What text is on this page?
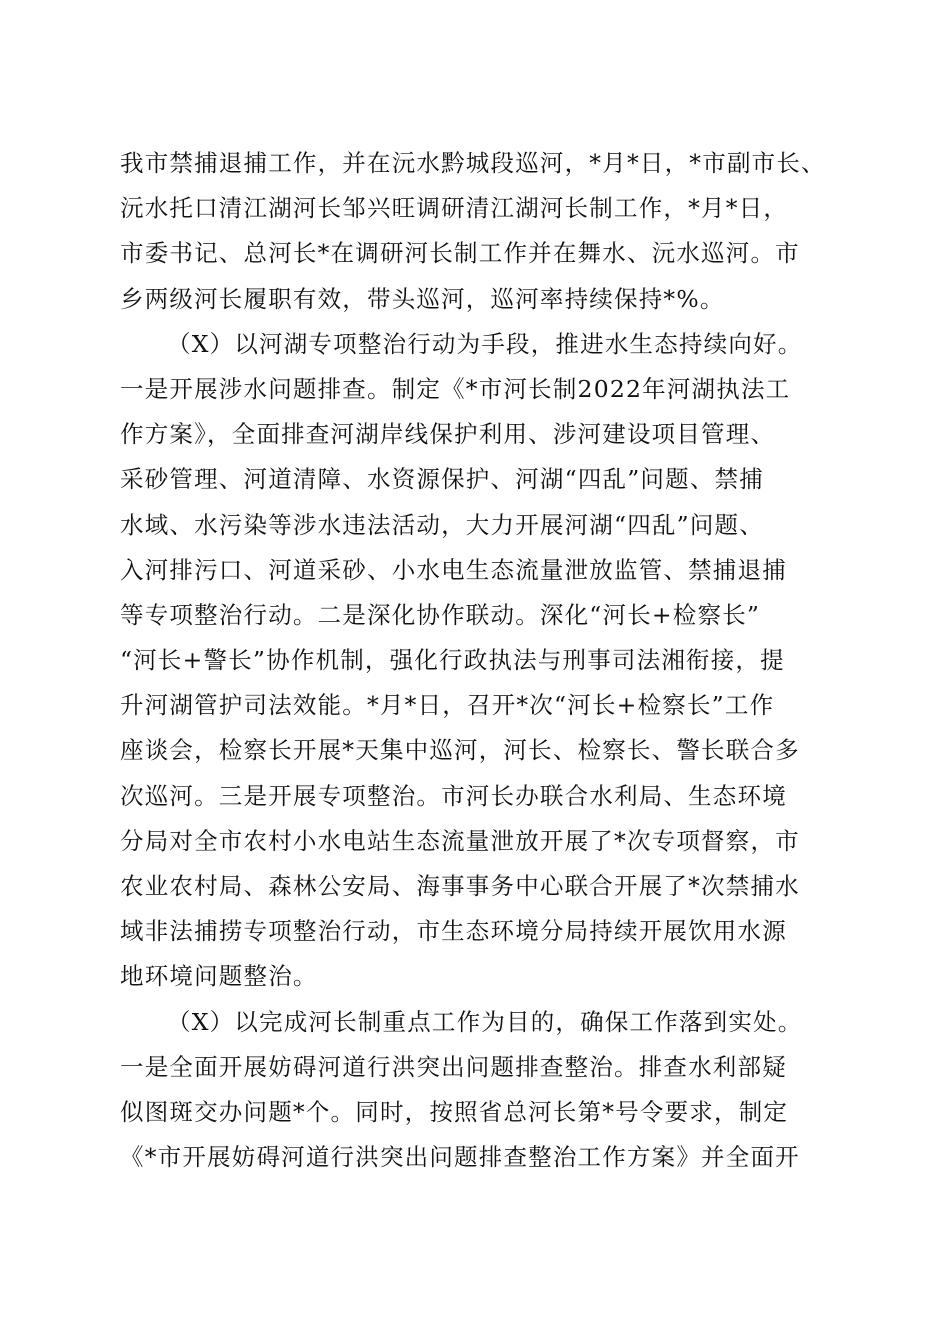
我市禁捕退捕工作，并在沅水黔城段巡河，*月*日，*市副市长、
沅水托口清江湖河长邹兴旺调研清江湖河长制工作，*月*日，
市委书记、总河长*在调研河长制工作并在舞水、沅水巡河。市
乡两级河长履职有效，带头巡河，巡河率持续保持*%。
（X）以河湖专项整治行动为手段，推进水生态持续向好。
一是开展涉水问题排查。制定《*市河长制2022年河湖执法工
作方案》，全面排查河湖岸线保护利用、涉河建设项目管理、
采砂管理、河道清障、水资源保护、河湖“四乱”问题、禁捕
水域、水污染等涉水违法活动，大力开展河湖“四乱”问题、
入河排污口、河道采砂、小水电生态流量泄放监管、禁捕退捕
等专项整治行动。二是深化协作联动。深化“河长+检察长”
“河长+警长”协作机制，强化行政执法与刑事司法湘衔接，提
升河湖管护司法效能。*月*日，召开*次“河长+检察长”工作
座谈会，检察长开展*天集中巡河，河长、检察长、警长联合多
次巡河。三是开展专项整治。市河长办联合水利局、生态环境
分局对全市农村小水电站生态流量泄放开展了*次专项督察，市
农业农村局、森林公安局、海事事务中心联合开展了*次禁捕水
域非法捕捞专项整治行动，市生态环境分局持续开展饮用水源
地环境问题整治。
（X）以完成河长制重点工作为目的，确保工作落到实处。
一是全面开展妨碍河道行洪突出问题排查整治。排查水利部疑
似图斑交办问题*个。同时，按照省总河长第*号令要求，制定
《*市开展妨碍河道行洪突出问题排查整治工作方案》并全面开
